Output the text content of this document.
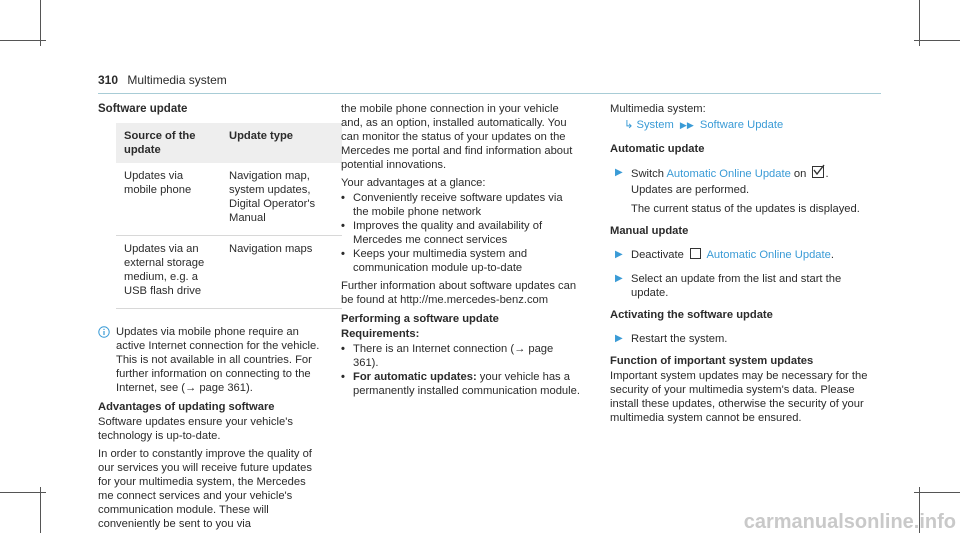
310 Multimedia system
Software update
Source of the update	Update type
Updates via mobile phone	Navigation map, system updates, Digital Operator's Manual
Updates via an external storage medium, e.g. a USB flash drive	Navigation maps
Updates via mobile phone require an active Internet connection for the vehicle. This is not available in all countries. For further information on connecting to the Internet, see (→ page 361).
Advantages of updating software

Software updates ensure your vehicle's technology is up-to-date.

In order to constantly improve the quality of our services you will receive future updates for your multimedia system, the Mercedes me connect services and your vehicle's communication module. These will conveniently be sent to you via

the mobile phone connection in your vehicle and, as an option, installed automatically. You can monitor the status of your updates on the Mercedes me portal and find information about potential innovations.

Your advantages at a glance:

• Conveniently receive software updates via the mobile phone network
• Improves the quality and availability of Mercedes me connect services
• Keeps your multimedia system and communication module up-to-date

Further information about software updates can be found at http://me.mercedes-benz.com

Performing a software update
Requirements:
• There is an Internet connection (→ page 361).
• For automatic updates: your vehicle has a permanently installed communication module.

Multimedia system:

↳ System ▶▶ Software Update
Automatic update
▶ Switch Automatic Online Update on .
Updates are performed.
The current status of the updates is displayed.
Manual update
▶ Deactivate Automatic Online Update.
▶ Select an update from the list and start the update.
Activating the software update
▶ Restart the system.
Function of important system updates

Important system updates may be necessary for the security of your multimedia system's data. Please install these updates, otherwise the security of your multimedia system cannot be ensured.

carmanualsonline.info
